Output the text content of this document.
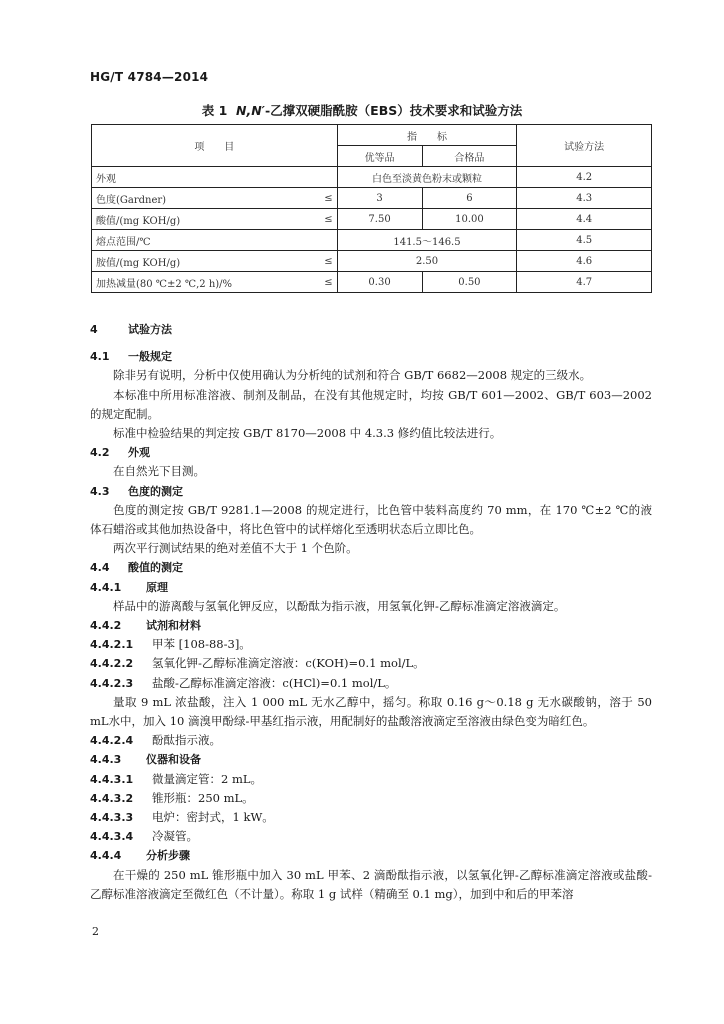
HG/T 4784—2014
表 1 N,N′-乙撑双硬脂酰胺（EBS）技术要求和试验方法
项　　目		指　　标		试验方法
		优等品	合格品	
外观		白色至淡黄色粉末或颗粒		4.2
色度(Gardner)	≤	3	6	4.3
酸值/(mg KOH/g)	≤	7.50	10.00	4.4
熔点范围/℃		141.5～146.5		4.5
胺值/(mg KOH/g)	≤	2.50		4.6
加热减量(80 ℃±2 ℃,2 h)/%	≤	0.30	0.50	4.7

4	试验方法

4.1 一般规定

除非另有说明，分析中仅使用确认为分析纯的试剂和符合 GB/T 6682—2008 规定的三级水。

本标准中所用标准溶液、制剂及制品，在没有其他规定时，均按 GB/T 601—2002、GB/T 603—2002 的规定配制。

标准中检验结果的判定按 GB/T 8170—2008 中 4.3.3 修约值比较法进行。

4.2 外观

在自然光下目测。

4.3 色度的测定

色度的测定按 GB/T 9281.1—2008 的规定进行，比色管中装料高度约 70 mm，在 170 ℃±2 ℃的液体石蜡浴或其他加热设备中，将比色管中的试样熔化至透明状态后立即比色。

两次平行测试结果的绝对差值不大于 1 个色阶。

4.4 酸值的测定

4.4.1 原理

样品中的游离酸与氢氧化钾反应，以酚酞为指示液，用氢氧化钾-乙醇标准滴定溶液滴定。

4.4.2 试剂和材料

4.4.2.1 甲苯 [108-88-3]。

4.4.2.2 氢氧化钾-乙醇标准滴定溶液：c(KOH)=0.1 mol/L。

4.4.2.3 盐酸-乙醇标准滴定溶液：c(HCl)=0.1 mol/L。

量取 9 mL 浓盐酸，注入 1 000 mL 无水乙醇中，摇匀。称取 0.16 g～0.18 g 无水碳酸钠，溶于 50 mL水中，加入 10 滴溴甲酚绿-甲基红指示液，用配制好的盐酸溶液滴定至溶液由绿色变为暗红色。

4.4.2.4 酚酞指示液。

4.4.3 仪器和设备

4.4.3.1 微量滴定管：2 mL。

4.4.3.2 锥形瓶：250 mL。

4.4.3.3 电炉：密封式，1 kW。

4.4.3.4 冷凝管。

4.4.4 分析步骤

在干燥的 250 mL 锥形瓶中加入 30 mL 甲苯、2 滴酚酞指示液，以氢氧化钾-乙醇标准滴定溶液或盐酸-乙醇标准溶液滴定至微红色（不计量）。称取 1 g 试样（精确至 0.1 mg），加到中和后的甲苯溶

2
